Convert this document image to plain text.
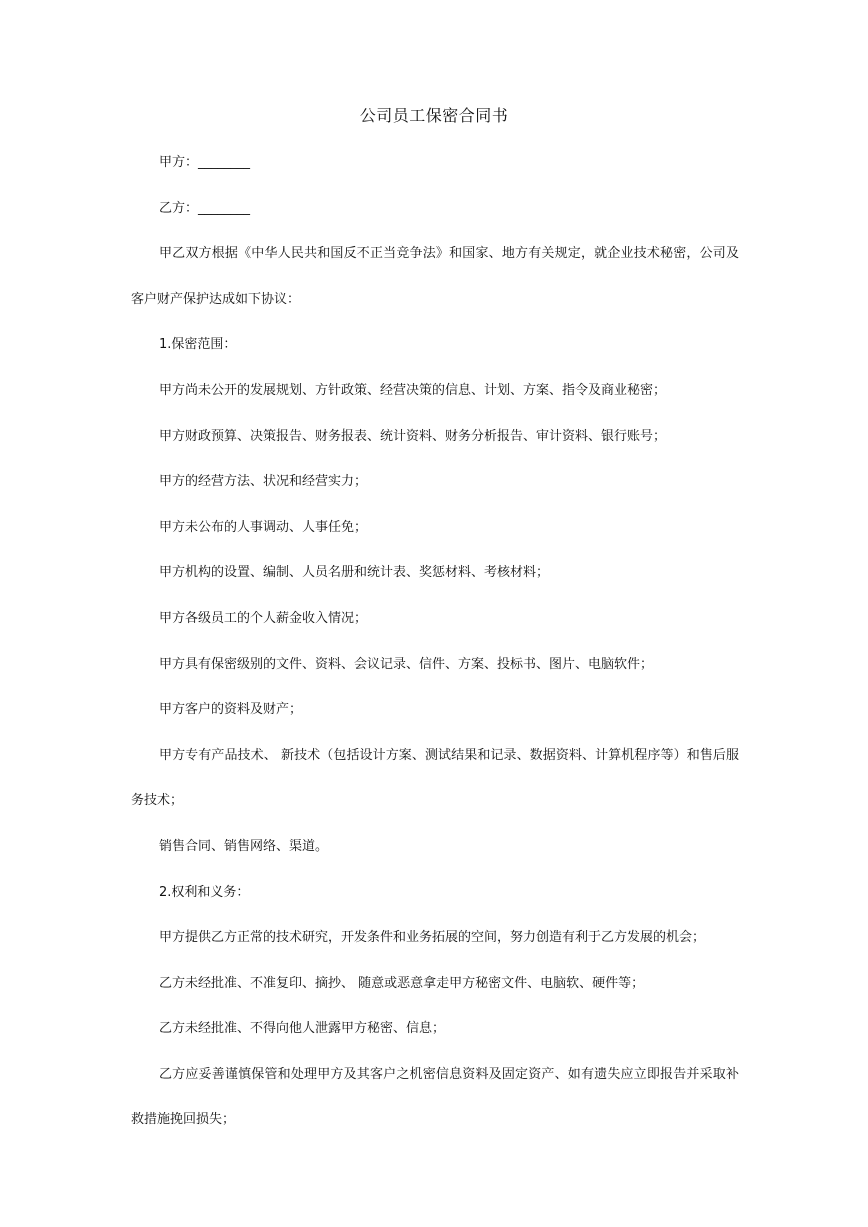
公司员工保密合同书

甲方：________

乙方：________

甲乙双方根据《中华人民共和国反不正当竞争法》和国家、地方有关规定，就企业技术秘密，公司及客户财产保护达成如下协议：

1.保密范围：

甲方尚未公开的发展规划、方针政策、经营决策的信息、计划、方案、指令及商业秘密；

甲方财政预算、决策报告、财务报表、统计资料、财务分析报告、审计资料、银行账号；

甲方的经营方法、状况和经营实力；

甲方未公布的人事调动、人事任免；

甲方机构的设置、编制、人员名册和统计表、奖惩材料、考核材料；

甲方各级员工的个人薪金收入情况；

甲方具有保密级别的文件、资料、会议记录、信件、方案、投标书、图片、电脑软件；

甲方客户的资料及财产；

甲方专有产品技术、 新技术（包括设计方案、测试结果和记录、数据资料、计算机程序等）和售后服务技术；

销售合同、销售网络、渠道。

2.权利和义务：

甲方提供乙方正常的技术研究，开发条件和业务拓展的空间，努力创造有利于乙方发展的机会；

乙方未经批准、不准复印、摘抄、 随意或恶意拿走甲方秘密文件、电脑软、硬件等；

乙方未经批准、不得向他人泄露甲方秘密、信息；

乙方应妥善谨慎保管和处理甲方及其客户之机密信息资料及固定资产、如有遗失应立即报告并采取补救措施挽回损失；
